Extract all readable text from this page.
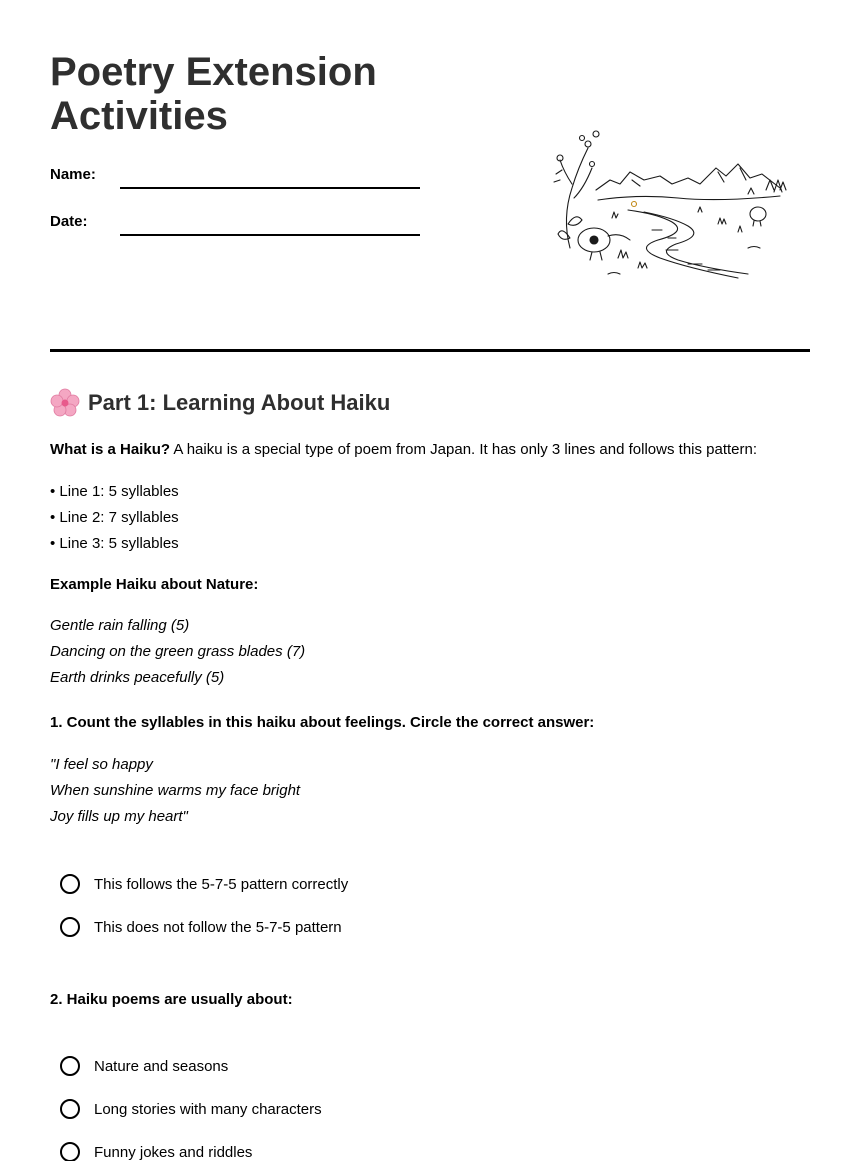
Poetry Extension Activities
Name:
Date:
Part 1: Learning About Haiku
What is a Haiku? A haiku is a special type of poem from Japan. It has only 3 lines and follows this pattern:
• Line 1: 5 syllables
• Line 2: 7 syllables
• Line 3: 5 syllables
Example Haiku about Nature:
Gentle rain falling (5)
Dancing on the green grass blades (7)
Earth drinks peacefully (5)
1. Count the syllables in this haiku about feelings. Circle the correct answer:
"I feel so happy
When sunshine warms my face bright
Joy fills up my heart"
This follows the 5-7-5 pattern correctly
This does not follow the 5-7-5 pattern
2. Haiku poems are usually about:
Nature and seasons
Long stories with many characters
Funny jokes and riddles
